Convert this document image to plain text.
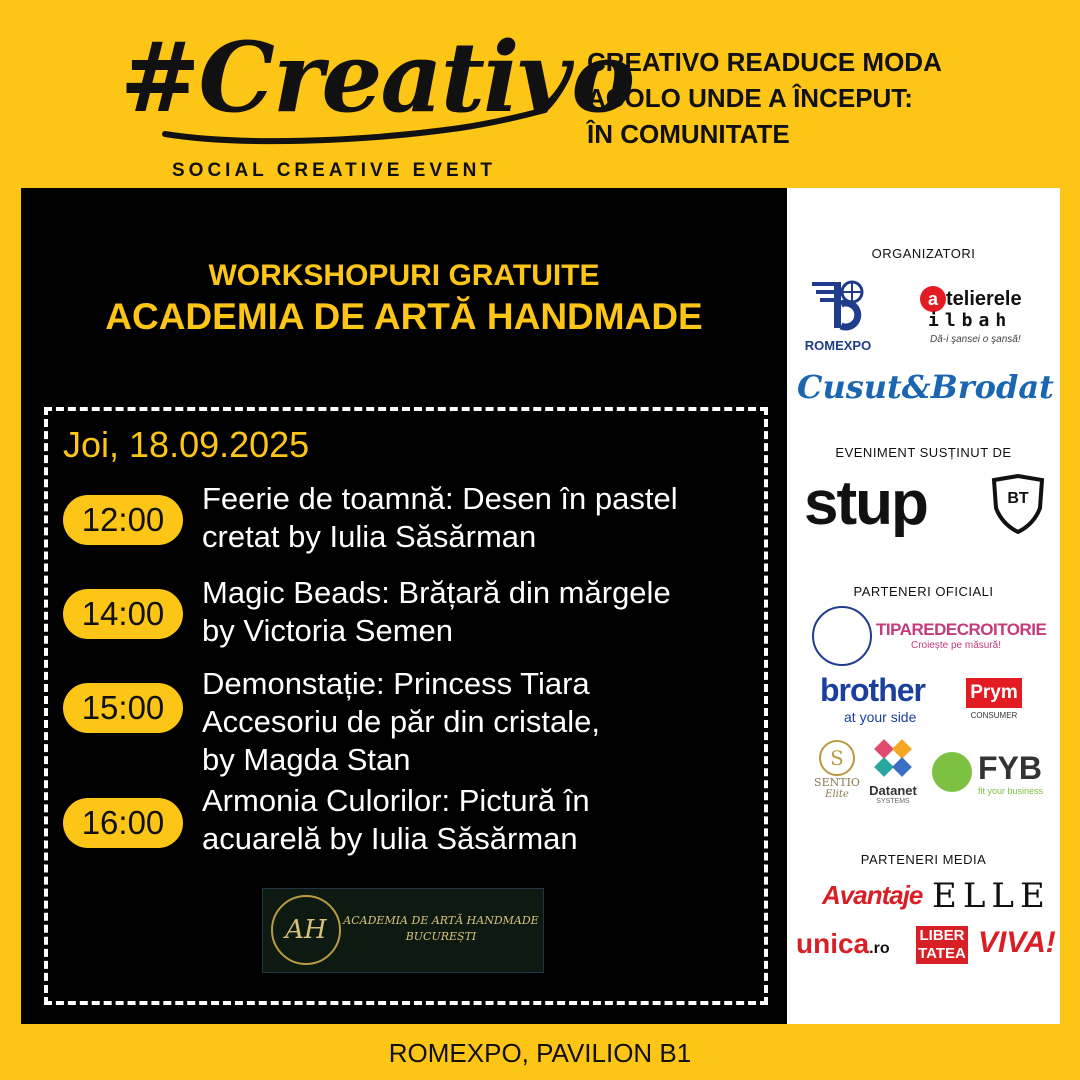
#Creativo
SOCIAL CREATIVE EVENT
CREATIVO READUCE MODA
ACOLO UNDE A ÎNCEPUT:
ÎN COMUNITATE
WORKSHOPURI GRATUITE
ACADEMIA DE ARTĂ HANDMADE
Joi, 18.09.2025
12:00
Feerie de toamnă: Desen în pastel
cretat by Iulia Săsărman
14:00
Magic Beads: Brățară din mărgele
by Victoria Semen
15:00
Demonstație: Princess Tiara
Accesoriu de păr din cristale,
by Magda Stan
16:00
Armonia Culorilor: Pictură în
acuarelă by Iulia Săsărman
AH	ACADEMIA DE ARTĂ HANDMADE
BUCUREȘTI
ORGANIZATORI
ROMEXPO
a telierele
ilbah
Dă-i şansei o şansă!
Cusut&Brodat
EVENIMENT SUSȚINUT DE
stup	BT
PARTENERI OFICIALI
TIPAREDECROITORIE
Croiește pe măsură!
brother
at your side
Prym
CONSUMER
S
SENTIO
Elite	Datanet
SYSTEMS
FYB
fit your business
PARTENERI MEDIA
Avantaje ELLE
unica.ro
LIBER
TATEA VIVA!
ROMEXPO, PAVILION B1
